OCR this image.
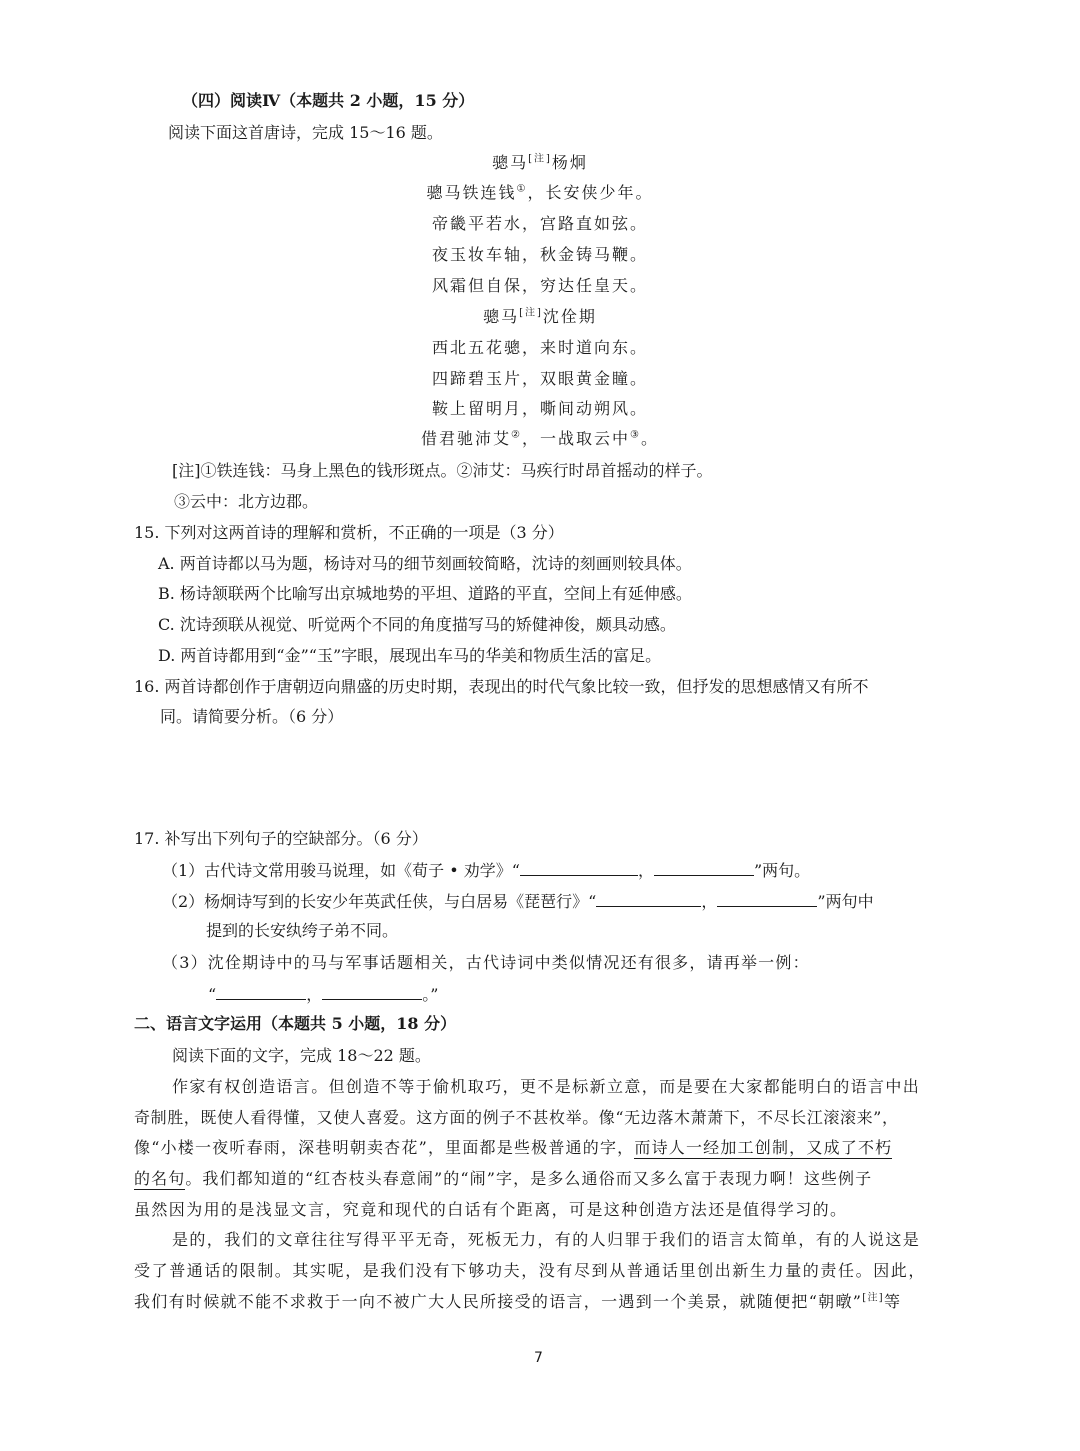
（四）阅读Ⅳ（本题共 2 小题，15 分）
阅读下面这首唐诗，完成 15～16 题。
骢马[注]杨炯
骢马铁连钱①，长安侠少年。
帝畿平若水，宫路直如弦。
夜玉妆车轴，秋金铸马鞭。
风霜但自保，穷达任皇天。
骢马[注]沈佺期
西北五花骢，来时道向东。
四蹄碧玉片，双眼黄金瞳。
鞍上留明月，嘶间动朔风。
借君驰沛艾②，一战取云中③。
[注]①铁连钱：马身上黑色的钱形斑点。②沛艾：马疾行时昂首摇动的样子。
③云中：北方边郡。
15. 下列对这两首诗的理解和赏析，不正确的一项是（3 分）
A. 两首诗都以马为题，杨诗对马的细节刻画较简略，沈诗的刻画则较具体。
B. 杨诗颔联两个比喻写出京城地势的平坦、道路的平直，空间上有延伸感。
C. 沈诗颈联从视觉、听觉两个不同的角度描写马的矫健神俊，颇具动感。
D. 两首诗都用到“金”“玉”字眼，展现出车马的华美和物质生活的富足。
16. 两首诗都创作于唐朝迈向鼎盛的历史时期，表现出的时代气象比较一致，但抒发的思想感情又有所不
同。请简要分析。（6 分）
17. 补写出下列句子的空缺部分。（6 分）
（1）古代诗文常用骏马说理，如《荀子 • 劝学》“	，	”两句。
（2）杨炯诗写到的长安少年英武任侠，与白居易《琵琶行》“	，	”两句中
提到的长安纨绔子弟不同。
（3）沈佺期诗中的马与军事话题相关，古代诗词中类似情况还有很多，请再举一例：
“	，	。”
二、语言文字运用（本题共 5 小题，18 分）
阅读下面的文字，完成 18～22 题。
作家有权创造语言。但创造不等于偷机取巧，更不是标新立意，而是要在大家都能明白的语言中出
奇制胜，既使人看得懂，又使人喜爱。这方面的例子不甚枚举。像“无边落木萧萧下，不尽长江滚滚来”，
像“小楼一夜听春雨，深巷明朝卖杏花”，里面都是些极普通的字，而诗人一经加工创制，又成了不朽
的名句。我们都知道的“红杏枝头春意闹”的“闹”字，是多么通俗而又多么富于表现力啊！这些例子
虽然因为用的是浅显文言，究竟和现代的白话有个距离，可是这种创造方法还是值得学习的。
是的，我们的文章往往写得平平无奇，死板无力，有的人归罪于我们的语言太简单，有的人说这是
受了普通话的限制。其实呢，是我们没有下够功夫，没有尽到从普通话里创出新生力量的责任。因此，
我们有时候就不能不求救于一向不被广大人民所接受的语言，一遇到一个美景，就随便把“朝暾”[注]等
7
